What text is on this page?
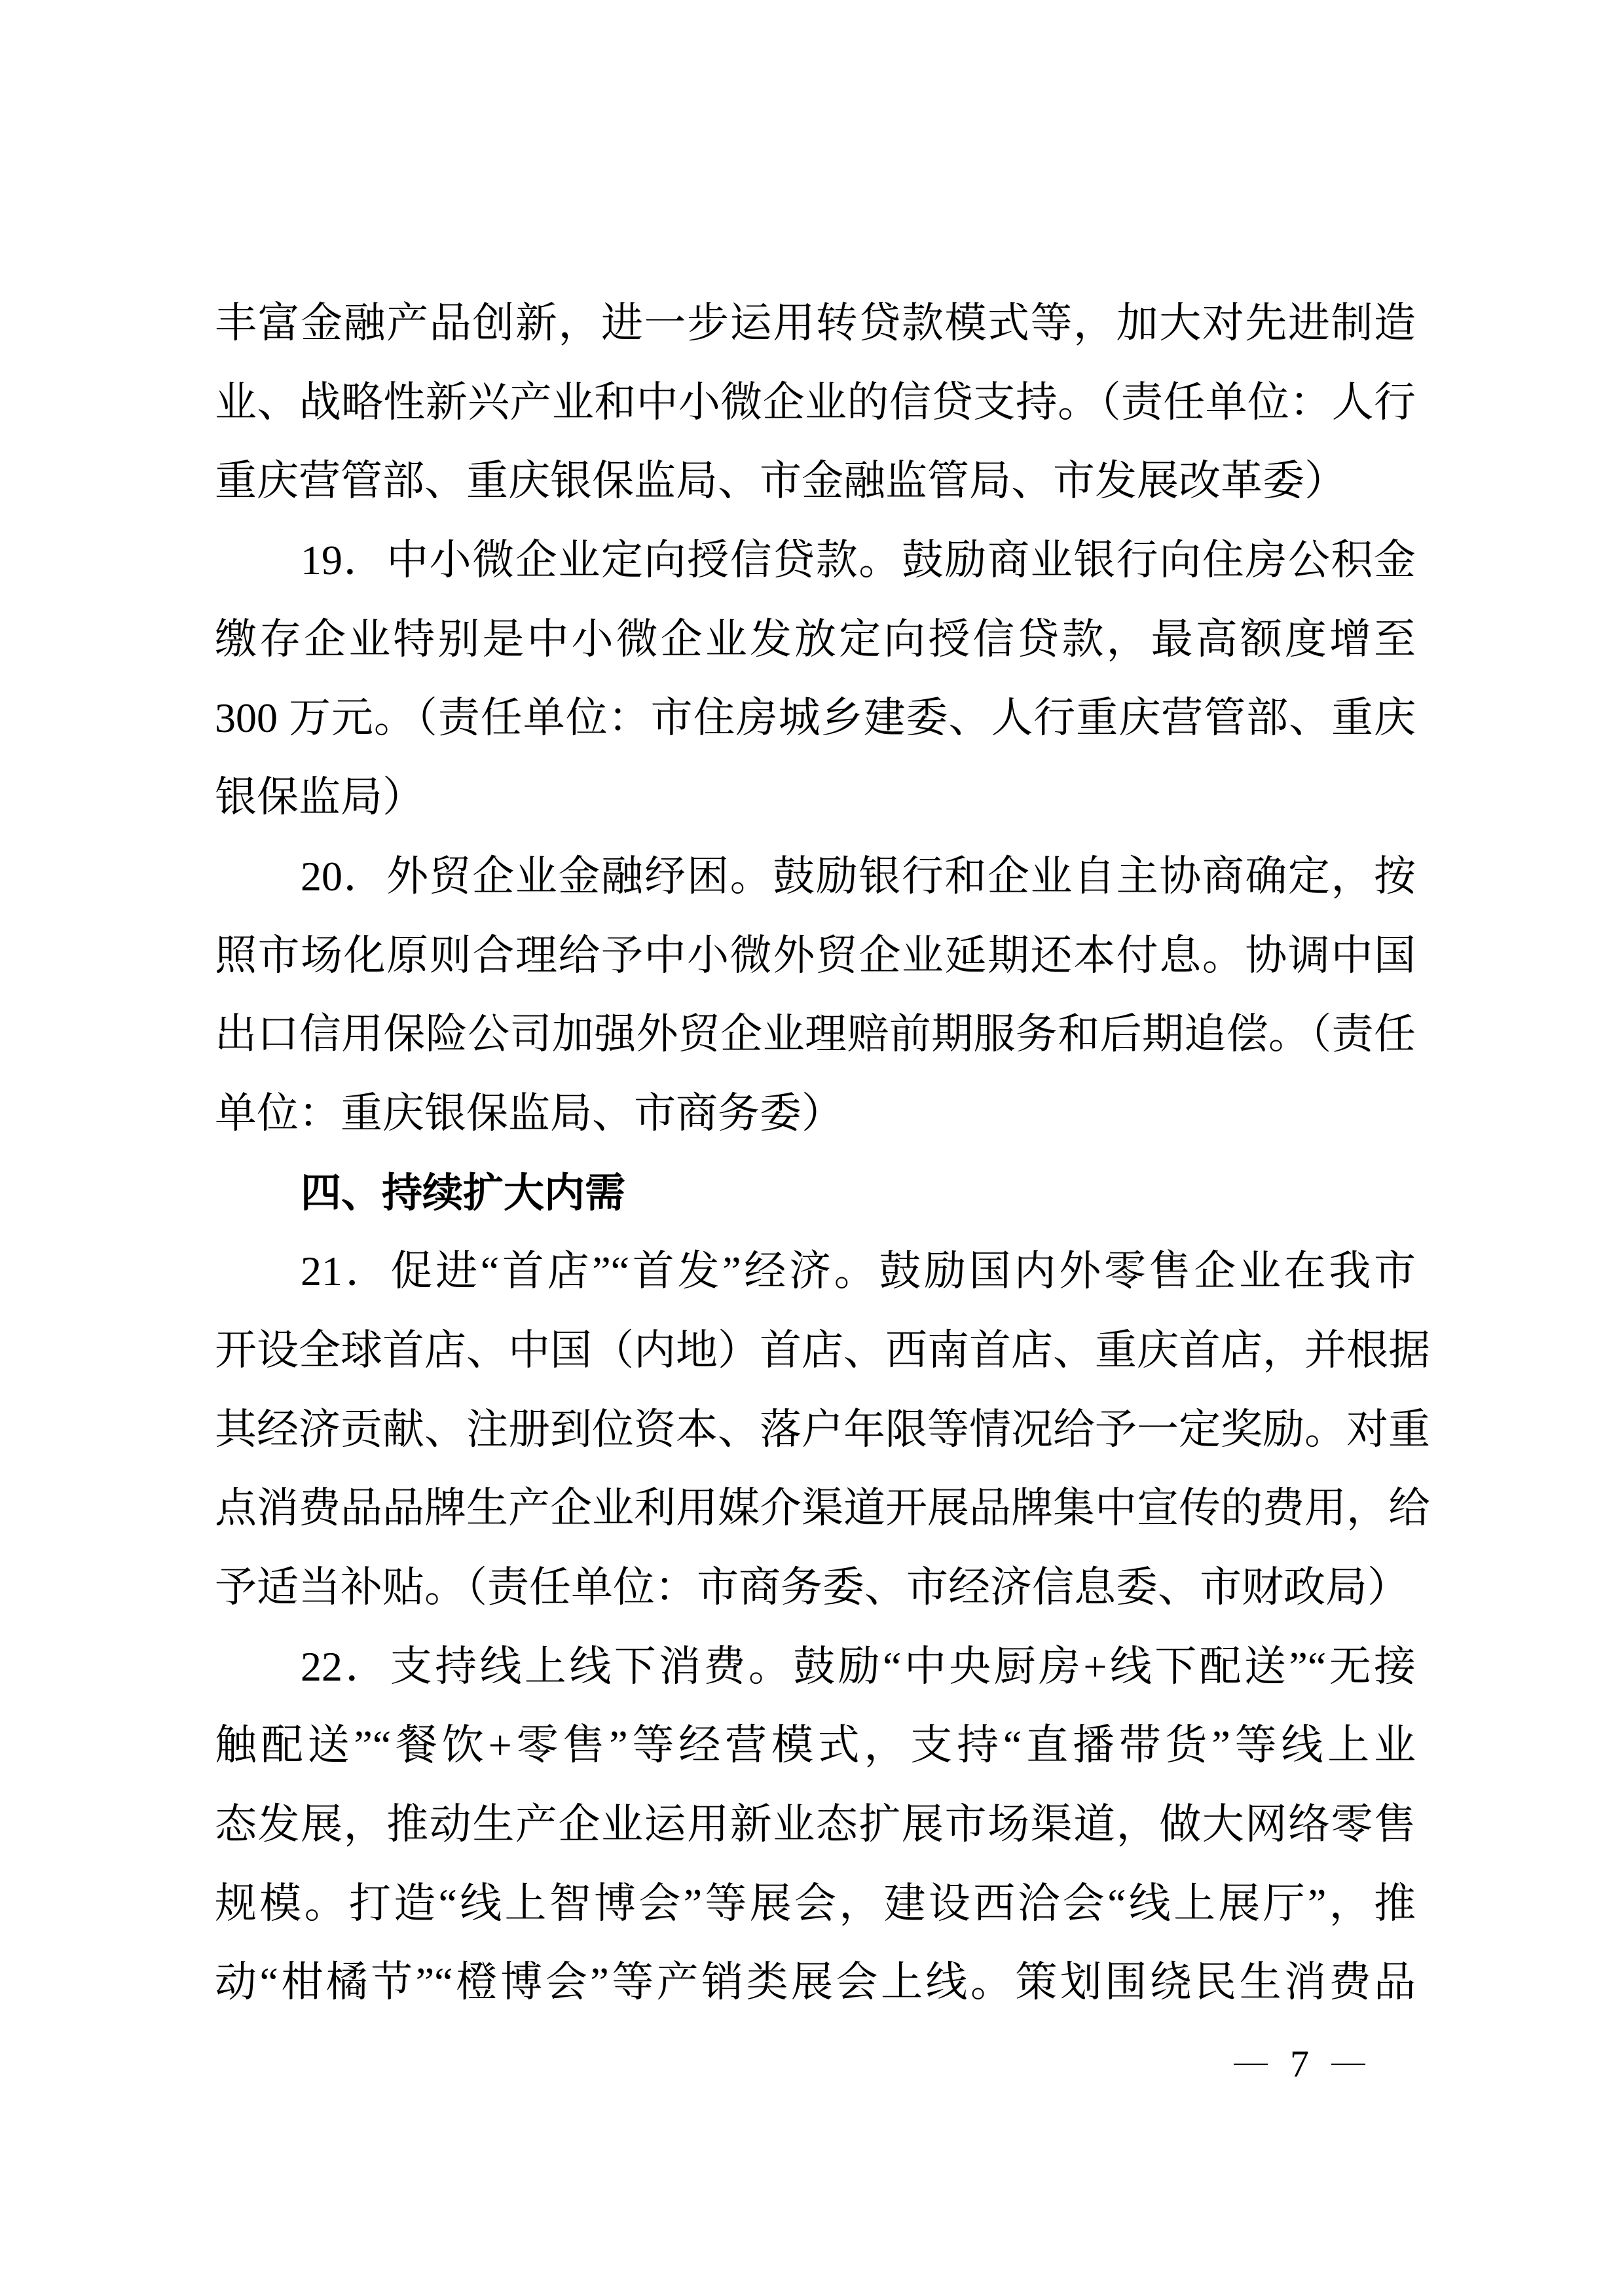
丰富金融产品创新，进一步运用转贷款模式等，加大对先进制造
业、战略性新兴产业和中小微企业的信贷支持。（责任单位：人行
重庆营管部、重庆银保监局、市金融监管局、市发展改革委）
19．中小微企业定向授信贷款。鼓励商业银行向住房公积金
缴存企业特别是中小微企业发放定向授信贷款，最高额度增至
300 万元。（责任单位：市住房城乡建委、人行重庆营管部、重庆
银保监局）
20．外贸企业金融纾困。鼓励银行和企业自主协商确定，按
照市场化原则合理给予中小微外贸企业延期还本付息。协调中国
出口信用保险公司加强外贸企业理赔前期服务和后期追偿。（责任
单位：重庆银保监局、市商务委）
四、持续扩大内需
21．促进“首店”“首发”经济。鼓励国内外零售企业在我市
开设全球首店、中国（内地）首店、西南首店、重庆首店，并根据
其经济贡献、注册到位资本、落户年限等情况给予一定奖励。对重
点消费品品牌生产企业利用媒介渠道开展品牌集中宣传的费用，给
予适当补贴。（责任单位：市商务委、市经济信息委、市财政局）
22．支持线上线下消费。鼓励“中央厨房+线下配送”“无接
触配送”“餐饮+零售”等经营模式，支持“直播带货”等线上业
态发展，推动生产企业运用新业态扩展市场渠道，做大网络零售
规模。打造“线上智博会”等展会，建设西洽会“线上展厅”，推
动“柑橘节”“橙博会”等产销类展会上线。策划围绕民生消费品
7
